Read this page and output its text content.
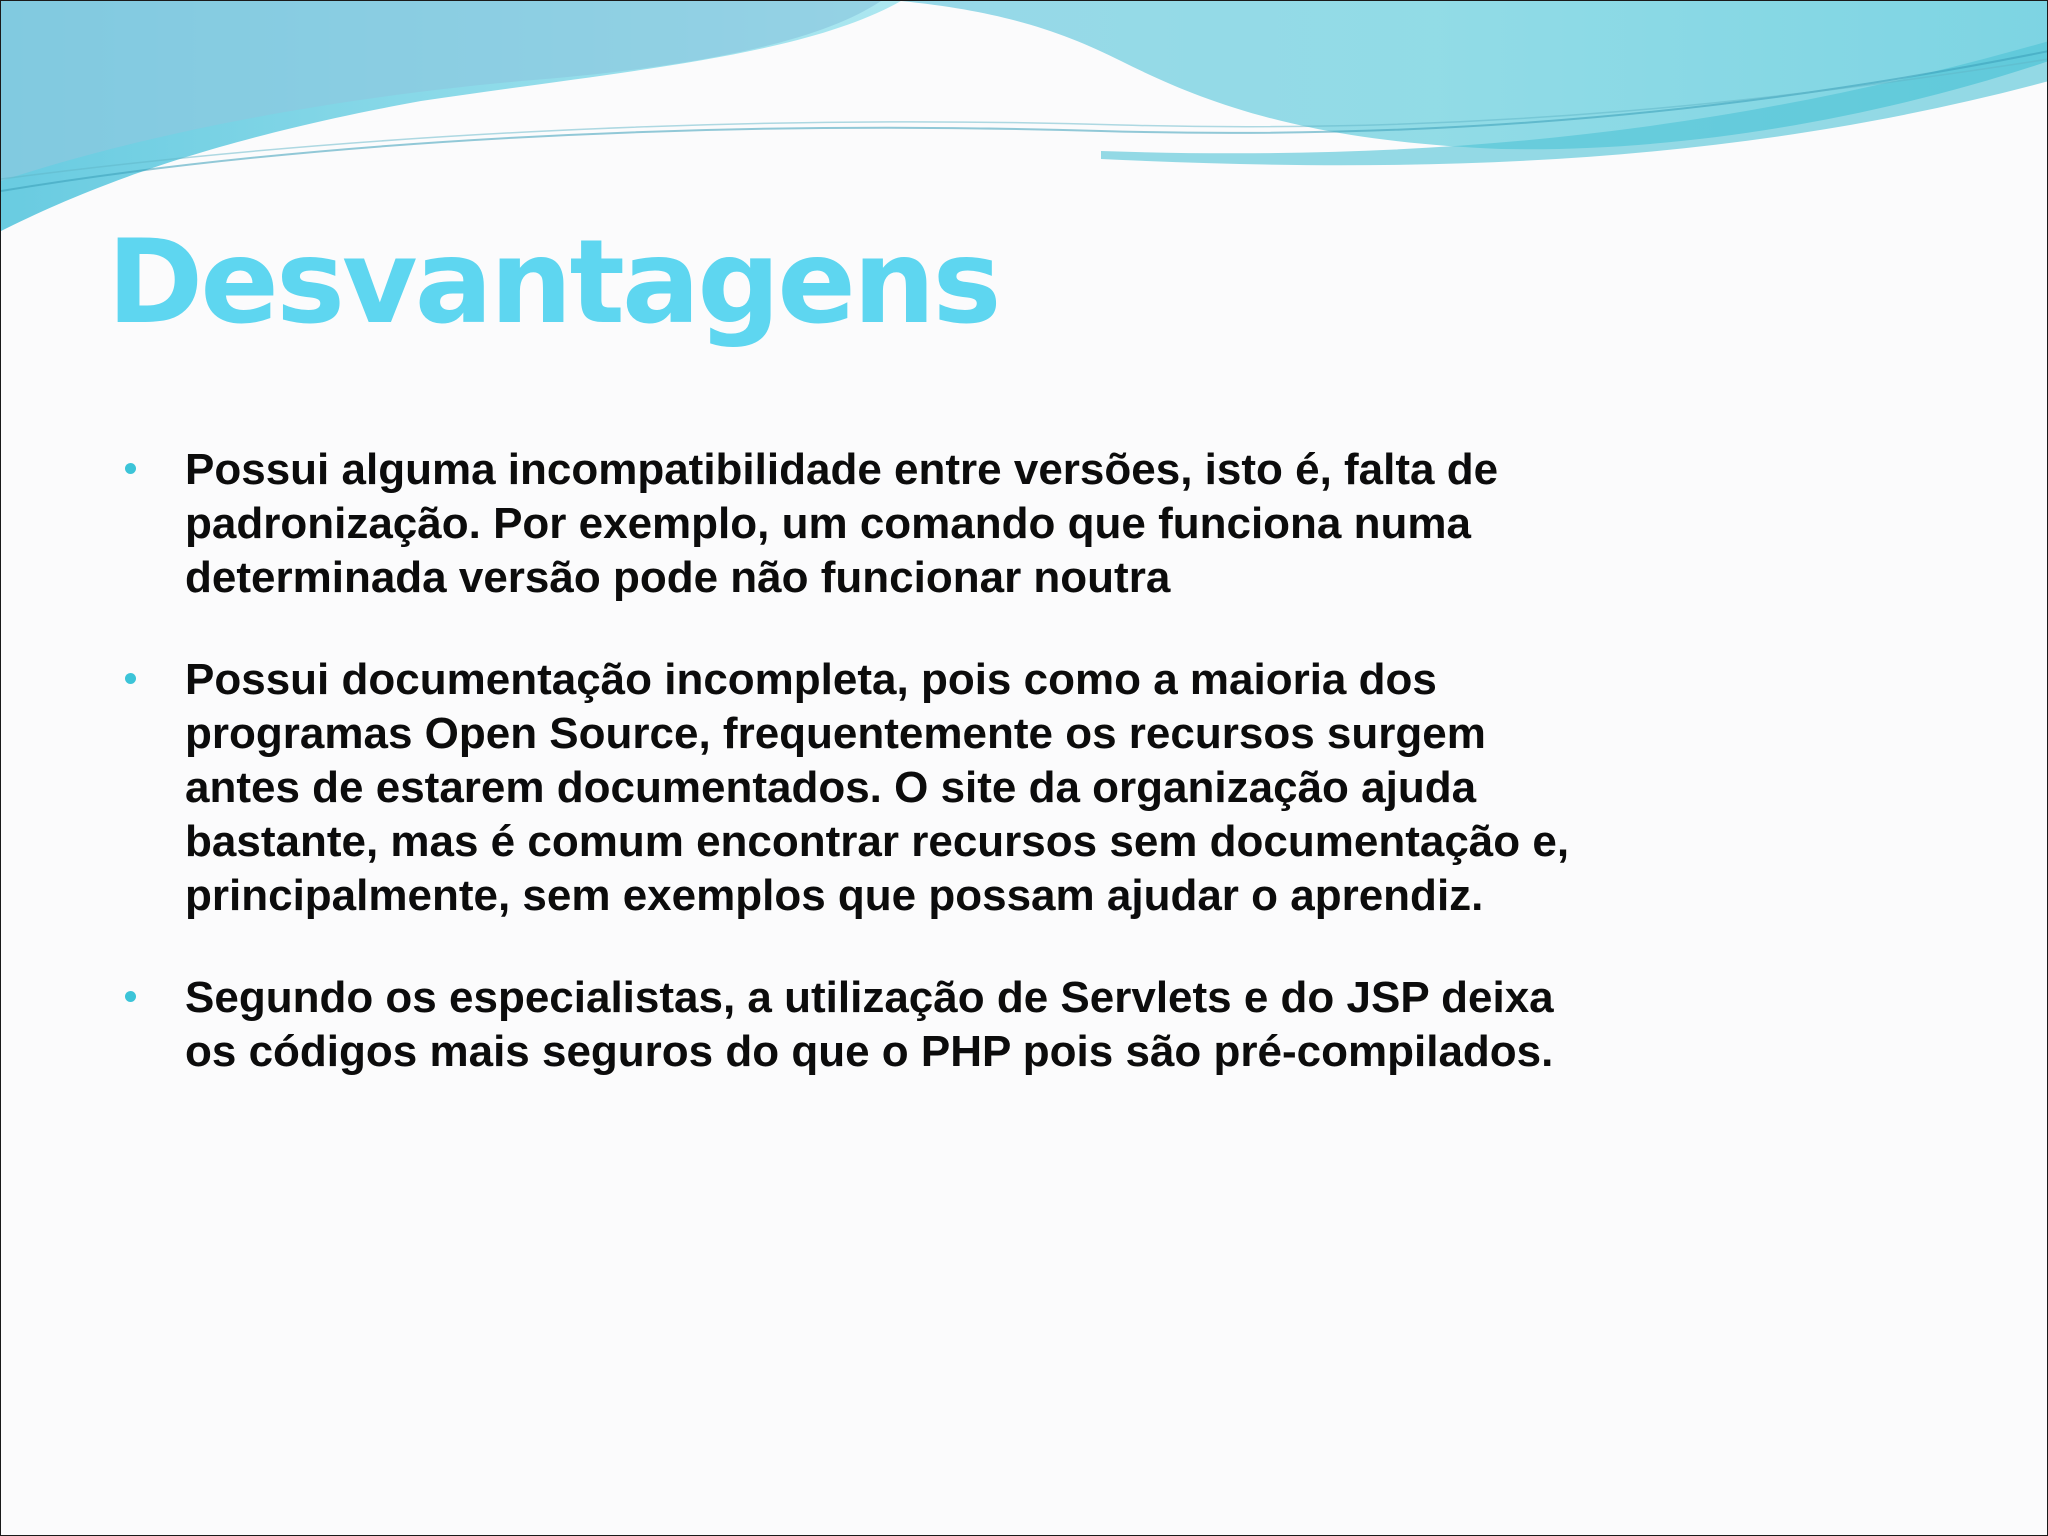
Desvantagens
Possui alguma incompatibilidade entre versões, isto é, falta de
padronização. Por exemplo, um comando que funciona numa
determinada versão pode não funcionar noutra
Possui documentação incompleta, pois como a maioria dos
programas Open Source, frequentemente os recursos surgem
antes de estarem documentados. O site da organização ajuda
bastante, mas é comum encontrar recursos sem documentação e,
principalmente, sem exemplos que possam ajudar o aprendiz.
Segundo os especialistas, a utilização de Servlets e do JSP deixa
os códigos mais seguros do que o PHP pois são pré-compilados.
